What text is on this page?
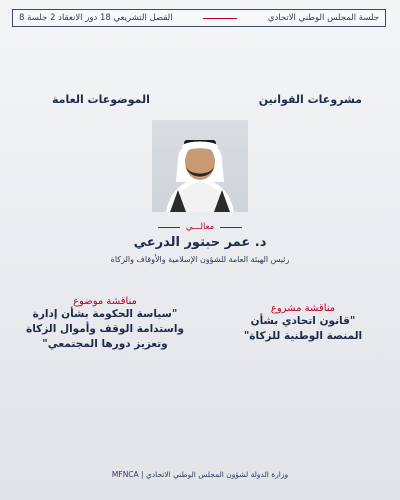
جلسة المجلس الوطني الاتحادي
الفصل التشريعي 18 دور الانعقاد 2 جلسة 8
مشروعات القوانين
الموضوعات العامة
معالـــي
د. عمر حبتور الدرعي
رئيس الهيئة العامة للشؤون الإسلامية والأوقاف والزكاة
مناقشة مشروع
"قانون اتحادي بشأن
المنصة الوطنية للزكاة"
مناقشة موضوع
"سياسة الحكومة بشأن إدارة
واستدامة الوقف وأموال الزكاة
وتعزيز دورها المجتمعي"
وزارة الدولة لشؤون المجلس الوطني الاتحادي | MFNCA
